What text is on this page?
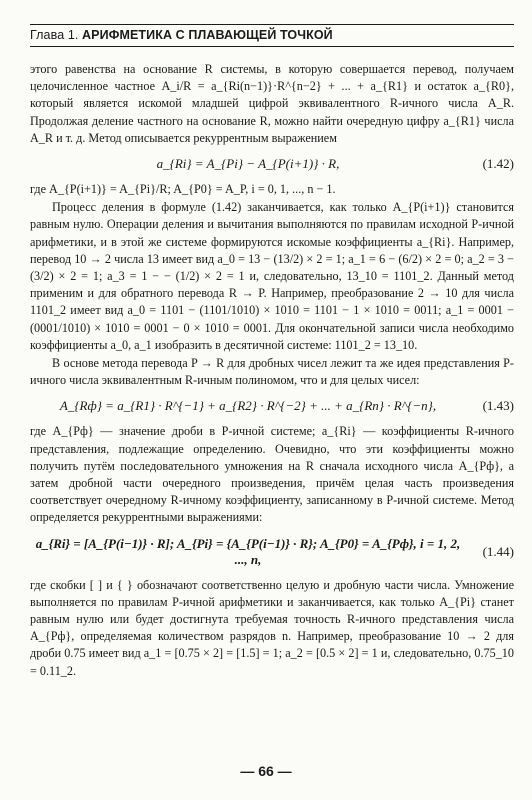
Глава 1. АРИФМЕТИКА С ПЛАВАЮЩЕЙ ТОЧКОЙ

этого равенства на основание R системы, в которую совершается перевод, получаем целочисленное частное A_i/R = a_{Ri(n−1)}·R^{n−2} + ... + a_{R1} и остаток a_{R0}, который является искомой младшей цифрой эквивалентного R-ичного числа A_R. Продолжая деление частного на основание R, можно найти очередную цифру a_{R1} числа A_R и т. д. Метод описывается рекуррентным выражением

a_{Ri} = A_{Pi} − A_{P(i+1)} · R,	(1.42)

где A_{P(i+1)} = A_{Pi}/R; A_{P0} = A_P, i = 0, 1, ..., n − 1.

Процесс деления в формуле (1.42) заканчивается, как только A_{P(i+1)} становится равным нулю. Операции деления и вычитания выполняются по правилам исходной P-ичной арифметики, и в этой же системе формируются искомые коэффициенты a_{Ri}. Например, перевод 10 → 2 числа 13 имеет вид a_0 = 13 − (13/2) × 2 = 1; a_1 = 6 − (6/2) × 2 = 0; a_2 = 3 − (3/2) × 2 = 1; a_3 = 1 − − (1/2) × 2 = 1 и, следовательно, 13_10 = 1101_2. Данный метод применим и для обратного перевода R → P. Например, преобразование 2 → 10 для числа 1101_2 имеет вид a_0 = 1101 − (1101/1010) × 1010 = 1101 − 1 × 1010 = 0011; a_1 = 0001 − (0001/1010) × 1010 = 0001 − 0 × 1010 = 0001. Для окончательной записи числа необходимо коэффициенты a_0, a_1 изобразить в десятичной системе: 1101_2 = 13_10.

В основе метода перевода P → R для дробных чисел лежит та же идея представления P-ичного числа эквивалентным R-ичным полиномом, что и для целых чисел:

A_{Rф} = a_{R1} · R^{−1} + a_{R2} · R^{−2} + ... + a_{Rn} · R^{−n},	(1.43)

где A_{Pф} — значение дроби в P-ичной системе; a_{Ri} — коэффициенты R-ичного представления, подлежащие определению. Очевидно, что эти коэффициенты можно получить путём последовательного умножения на R сначала исходного числа A_{Pф}, а затем дробной части очередного произведения, причём целая часть произведения соответствует очередному R-ичному коэффициенту, записанному в P-ичной системе. Метод определяется рекуррентными выражениями:

a_{Ri} = [A_{P(i−1)} · R]; A_{Pi} = {A_{P(i−1)} · R}; A_{P0} = A_{Pф}, i = 1, 2, ..., n,
(1.44)

где скобки [ ] и { } обозначают соответственно целую и дробную части числа. Умножение выполняется по правилам P-ичной арифметики и заканчивается, как только A_{Pi} станет равным нулю или будет достигнута требуемая точность R-ичного представления числа A_{Pф}, определяемая количеством разрядов n. Например, преобразование 10 → 2 для дроби 0.75 имеет вид a_1 = [0.75 × 2] = [1.5] = 1; a_2 = [0.5 × 2] = 1 и, следовательно, 0.75_10 = 0.11_2.

— 66 —
